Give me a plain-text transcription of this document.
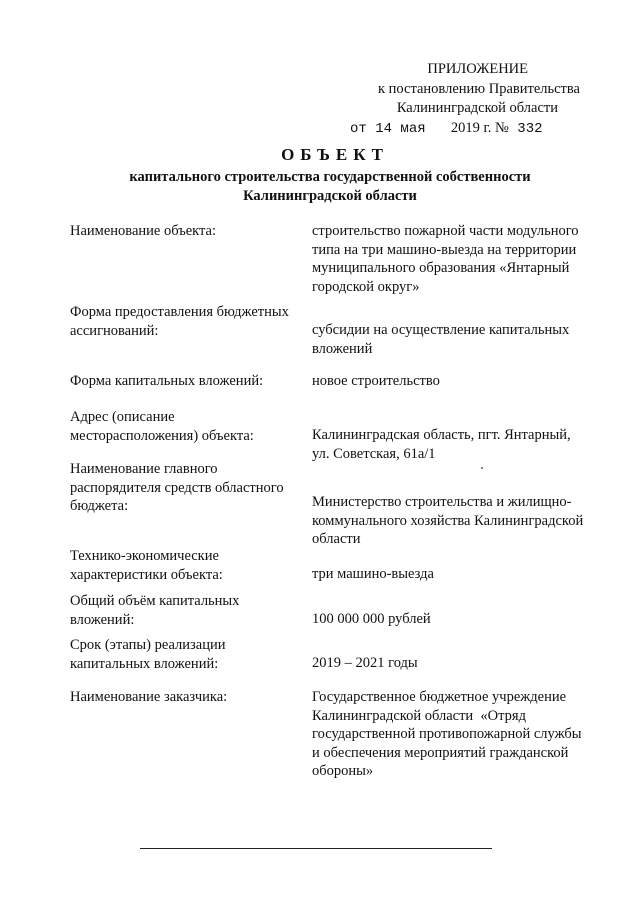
ПРИЛОЖЕНИЕ
к постановлению Правительства
Калининградской области
от 14 мая 2019 г. № 332
ОБЪЕКТ
капитального строительства государственной собственности
Калининградской области
Наименование объекта:	строительство пожарной части модульного
типа на три машино-выезда на территории
муниципального образования «Янтарный
городской округ»
Форма предоставления бюджетных
ассигнований:	субсидии на осуществление капитальных
вложений
Форма капитальных вложений:	новое строительство
Адрес (описание
месторасположения) объекта:	Калининградская область, пгт. Янтарный,
ул. Советская, 61а/1
Наименование главного
распорядителя средств областного
бюджета:	Министерство строительства и жилищно-
коммунального хозяйства Калининградской
области
Технико-экономические
характеристики объекта:	три машино-выезда
Общий объём капитальных
вложений:	100 000 000 рублей
Срок (этапы) реализации
капитальных вложений:	2019 – 2021 годы
Наименование заказчика:	Государственное бюджетное учреждение
Калининградской области  «Отряд
государственной противопожарной службы
и обеспечения мероприятий гражданской
обороны»
